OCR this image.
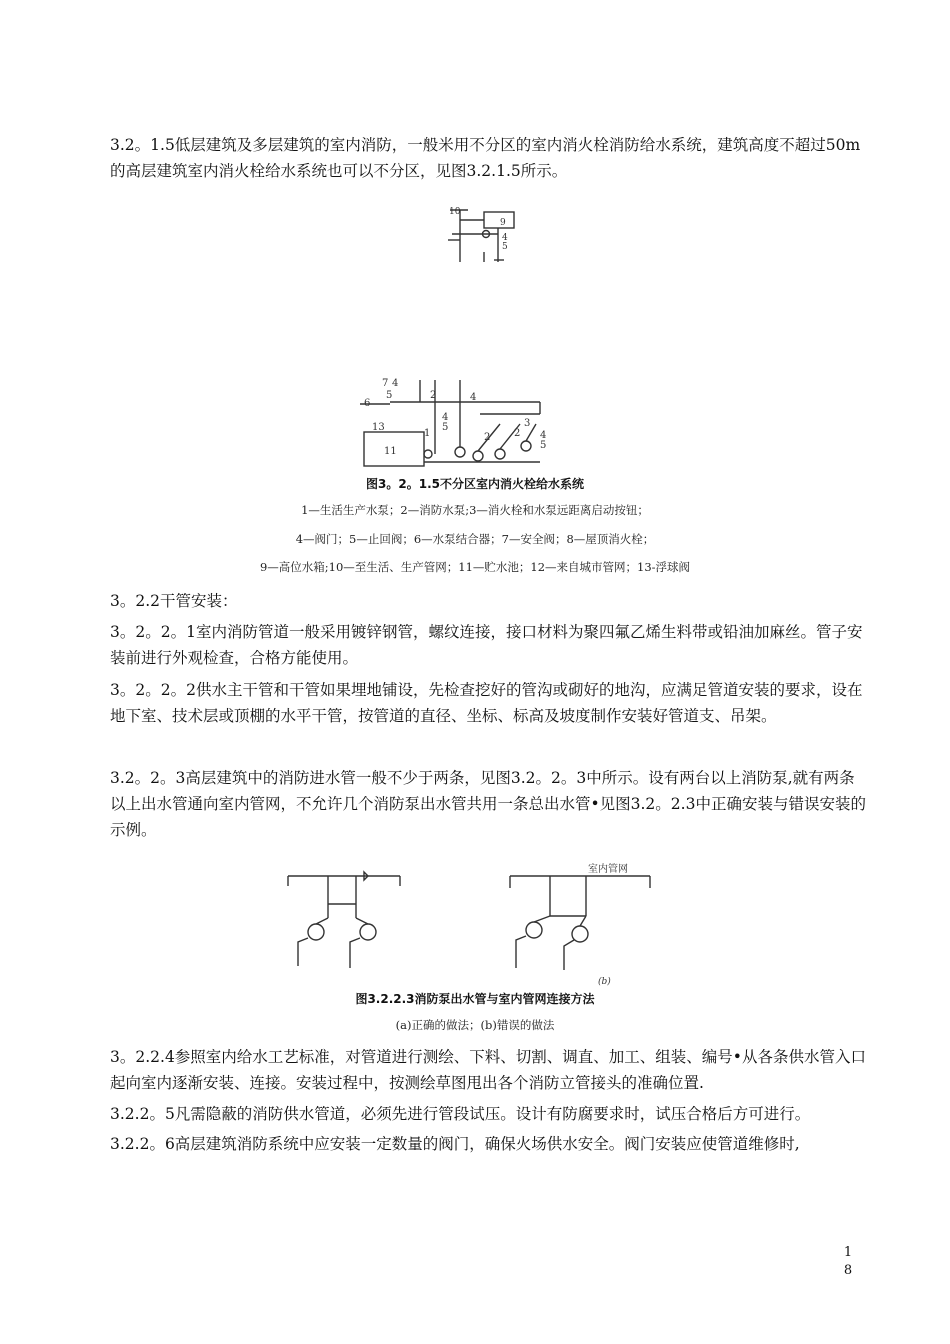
3.2。1.5低层建筑及多层建筑的室内消防，一般米用不分区的室内消火栓消防给水系统，建筑高度不超过50m的高层建筑室内消火栓给水系统也可以不分区，见图3.2.1.5所示。

10
9
4
5
7 4
5
6
2
4
5
4
13
11
1	2 2
3
4
5

图3。2。1.5不分区室内消火栓给水系统

1—生活生产水泵；2—消防水泵;3—消火栓和水泵远距离启动按钮；

4—阀门；5—止回阀；6—水泵结合器；7—安全阀；8—屋顶消火栓；

9—高位水箱;10—至生活、生产管网；11—贮水池；12—来自城市管网；13-浮球阀

3。2.2干管安装：

3。2。2。1室内消防管道一般采用镀锌钢管，螺纹连接，接口材料为聚四氟乙烯生料带或铅油加麻丝。管子安装前进行外观检查，合格方能使用。

3。2。2。2供水主干管和干管如果埋地铺设，先检查挖好的管沟或砌好的地沟，应满足管道安装的要求，设在地下室、技术层或顶棚的水平干管，按管道的直径、坐标、标高及坡度制作安装好管道支、吊架。

3.2。2。3高层建筑中的消防进水管一般不少于两条，见图3.2。2。3中所示。设有两台以上消防泵,就有两条以上出水管通向室内管网，不允许几个消防泵出水管共用一条总出水管•见图3.2。2.3中正确安装与错误安装的示例。

室内管网
(b)

图3.2.2.3消防泵出水管与室内管网连接方法

(a)正确的做法；(b)错误的做法

3。2.2.4参照室内给水工艺标准，对管道进行测绘、下料、切割、调直、加工、组装、编号•从各条供水管入口起向室内逐渐安装、连接。安装过程中，按测绘草图甩出各个消防立管接头的准确位置.

3.2.2。5凡需隐蔽的消防供水管道，必须先进行管段试压。设计有防腐要求时，试压合格后方可进行。

3.2.2。6高层建筑消防系统中应安装一定数量的阀门，确保火场供水安全。阀门安装应使管道维修时,

1
8
